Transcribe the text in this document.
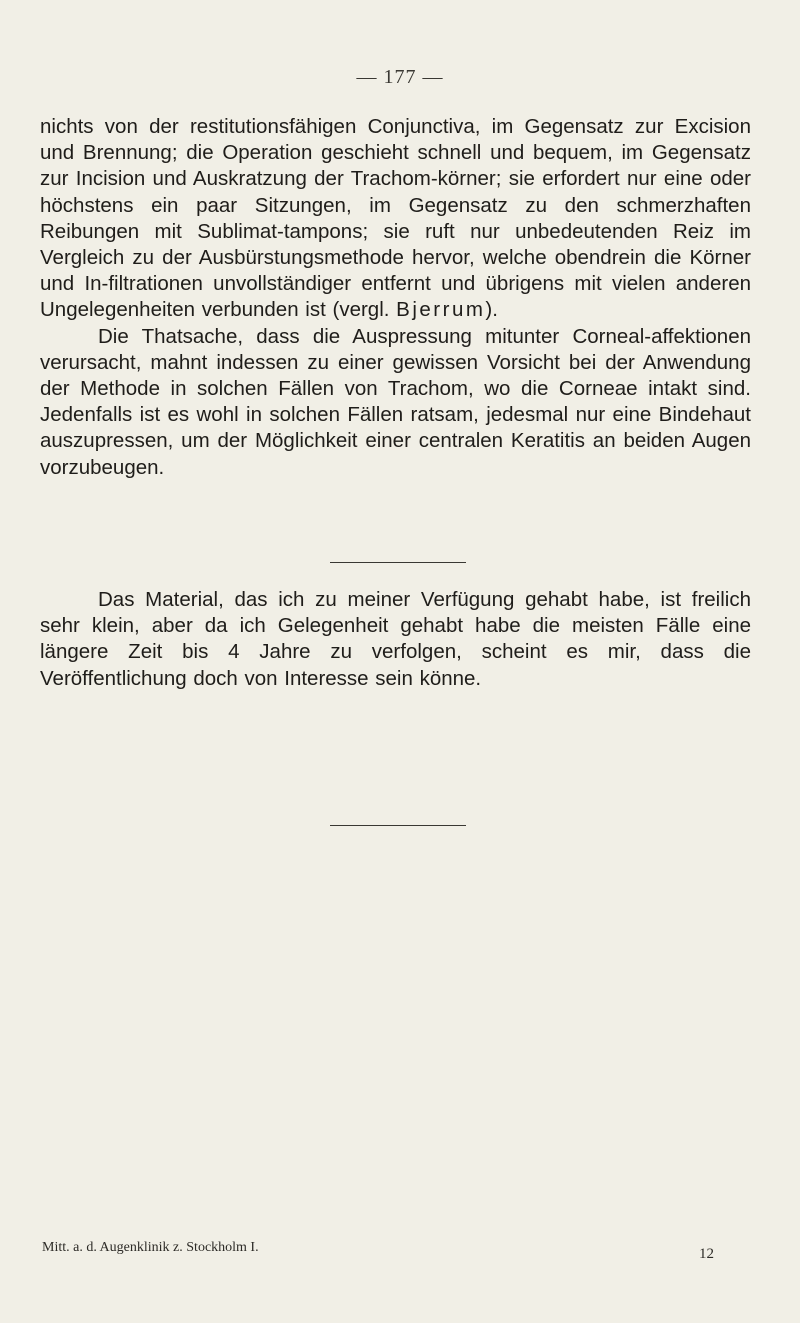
— 177 —

nichts von der restitutionsfähigen Conjunctiva, im Gegensatz zur Excision und Brennung; die Operation geschieht schnell und bequem, im Gegensatz zur Incision und Auskratzung der Trachom-körner; sie erfordert nur eine oder höchstens ein paar Sitzungen, im Gegensatz zu den schmerzhaften Reibungen mit Sublimat-tampons; sie ruft nur unbedeutenden Reiz im Vergleich zu der Ausbürstungsmethode hervor, welche obendrein die Körner und In-filtrationen unvollständiger entfernt und übrigens mit vielen anderen Ungelegenheiten verbunden ist (vergl. Bjerrum).

Die Thatsache, dass die Auspressung mitunter Corneal-affektionen verursacht, mahnt indessen zu einer gewissen Vorsicht bei der Anwendung der Methode in solchen Fällen von Trachom, wo die Corneae intakt sind. Jedenfalls ist es wohl in solchen Fällen ratsam, jedesmal nur eine Bindehaut auszupressen, um der Möglichkeit einer centralen Keratitis an beiden Augen vorzubeugen.

Das Material, das ich zu meiner Verfügung gehabt habe, ist freilich sehr klein, aber da ich Gelegenheit gehabt habe die meisten Fälle eine längere Zeit bis 4 Jahre zu verfolgen, scheint es mir, dass die Veröffentlichung doch von Interesse sein könne.

Mitt. a. d. Augenklinik z. Stockholm I.	12
